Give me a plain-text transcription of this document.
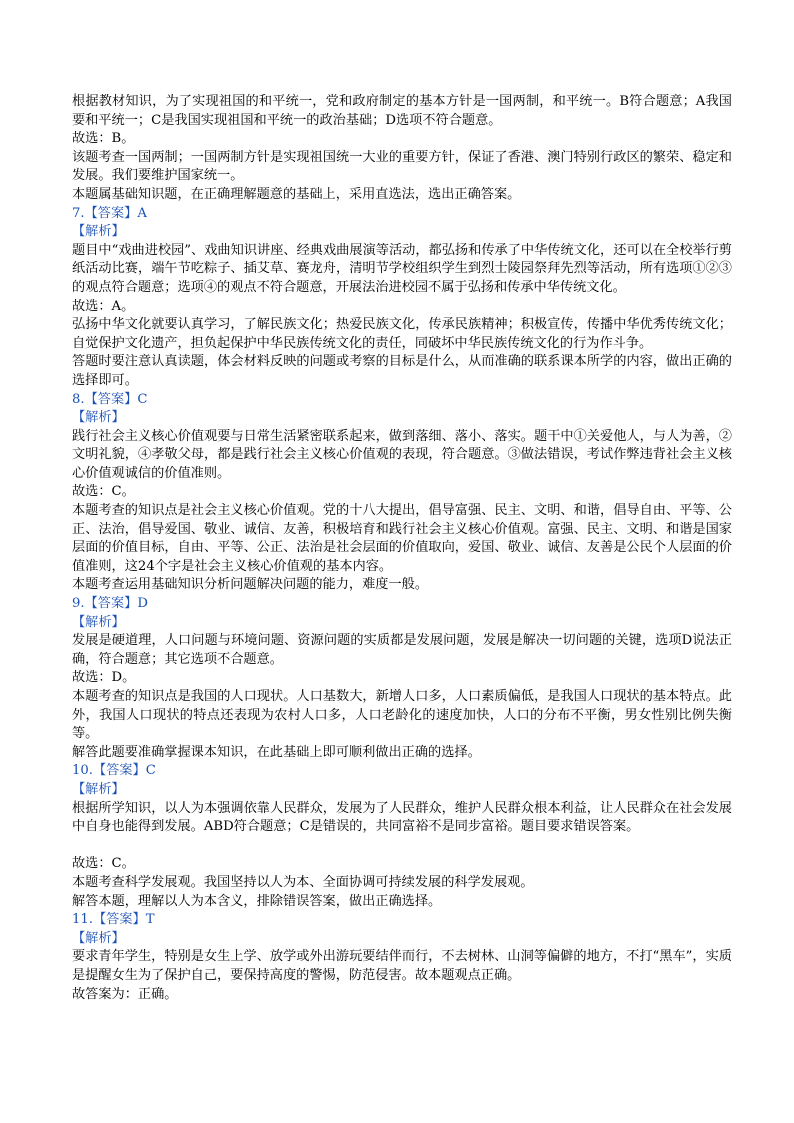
根据教材知识，为了实现祖国的和平统一，党和政府制定的基本方针是一国两制，和平统一。B符合题意；A我国要和平统一；C是我国实现祖国和平统一的政治基础；D选项不符合题意。

故选：B。

该题考查一国两制；一国两制方针是实现祖国统一大业的重要方针，保证了香港、澳门特别行政区的繁荣、稳定和发展。我们要维护国家统一。

本题属基础知识题，在正确理解题意的基础上，采用直选法，选出正确答案。

7.【答案】A

【解析】

题目中“戏曲进校园”、戏曲知识讲座、经典戏曲展演等活动，都弘扬和传承了中华传统文化，还可以在全校举行剪纸活动比赛，端午节吃粽子、插艾草、赛龙舟，清明节学校组织学生到烈士陵园祭拜先烈等活动，所有选项①②③的观点符合题意；选项④的观点不符合题意，开展法治进校园不属于弘扬和传承中华传统文化。

故选：A。

弘扬中华文化就要认真学习，了解民族文化；热爱民族文化，传承民族精神；积极宣传，传播中华优秀传统文化；自觉保护文化遗产，担负起保护中华民族传统文化的责任，同破坏中华民族传统文化的行为作斗争。

答题时要注意认真读题，体会材料反映的问题或考察的目标是什么，从而准确的联系课本所学的内容，做出正确的选择即可。

8.【答案】C

【解析】

践行社会主义核心价值观要与日常生活紧密联系起来，做到落细、落小、落实。题干中①关爱他人，与人为善，②文明礼貌，④孝敬父母，都是践行社会主义核心价值观的表现，符合题意。③做法错误，考试作弊违背社会主义核心价值观诚信的价值准则。

故选：C。

本题考查的知识点是社会主义核心价值观。党的十八大提出，倡导富强、民主、文明、和谐，倡导自由、平等、公正、法治，倡导爱国、敬业、诚信、友善，积极培育和践行社会主义核心价值观。富强、民主、文明、和谐是国家层面的价值目标，自由、平等、公正、法治是社会层面的价值取向，爱国、敬业、诚信、友善是公民个人层面的价值准则，这24个字是社会主义核心价值观的基本内容。

本题考查运用基础知识分析问题解决问题的能力，难度一般。

9.【答案】D

【解析】

发展是硬道理，人口问题与环境问题、资源问题的实质都是发展问题，发展是解决一切问题的关键，选项D说法正确，符合题意；其它选项不合题意。

故选：D。

本题考查的知识点是我国的人口现状。人口基数大，新增人口多，人口素质偏低，是我国人口现状的基本特点。此外，我国人口现状的特点还表现为农村人口多，人口老龄化的速度加快，人口的分布不平衡，男女性别比例失衡等。

解答此题要准确掌握课本知识，在此基础上即可顺利做出正确的选择。

10.【答案】C

【解析】

根据所学知识，以人为本强调依靠人民群众，发展为了人民群众，维护人民群众根本利益，让人民群众在社会发展中自身也能得到发展。ABD符合题意；C是错误的，共同富裕不是同步富裕。题目要求错误答案。

故选：C。

本题考查科学发展观。我国坚持以人为本、全面协调可持续发展的科学发展观。

解答本题，理解以人为本含义，排除错误答案，做出正确选择。

11.【答案】T

【解析】

要求青年学生，特别是女生上学、放学或外出游玩要结伴而行，不去树林、山洞等偏僻的地方，不打“黑车”，实质是提醒女生为了保护自己，要保持高度的警惕，防范侵害。故本题观点正确。

故答案为：正确。
